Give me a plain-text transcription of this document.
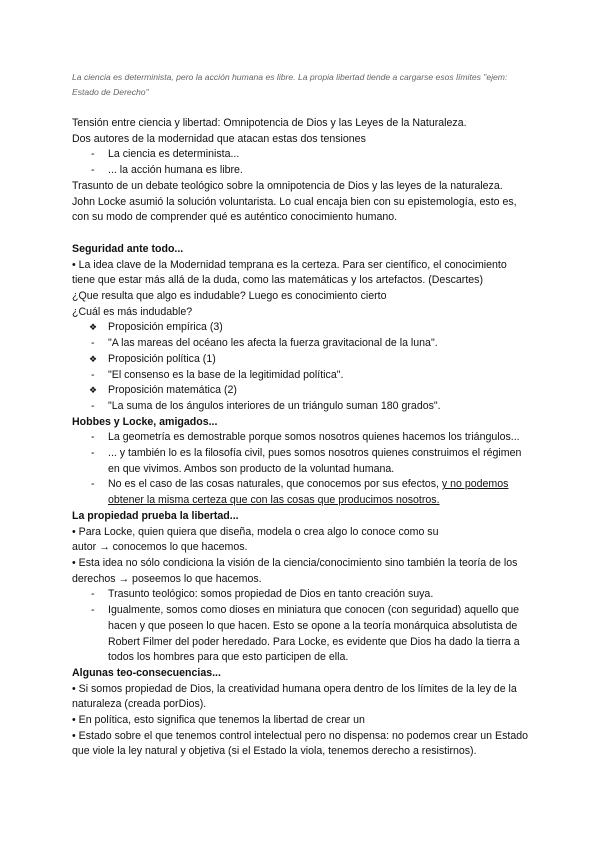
La ciencia es determinista, pero la acción humana es libre. La propia libertad tiende a cargarse esos límites "ejem: Estado de Derecho"

Tensión entre ciencia y libertad: Omnipotencia de Dios y las Leyes de la Naturaleza.

Dos autores de la modernidad que atacan estas dos tensiones

- La ciencia es determinista...
- ... la acción humana es libre.

Trasunto de un debate teológico sobre la omnipotencia de Dios y las leyes de la naturaleza.

John Locke asumió la solución voluntarista. Lo cual encaja bien con su epistemología, esto es, con su modo de comprender qué es auténtico conocimiento humano.

Seguridad ante todo...

• La idea clave de la Modernidad temprana es la certeza. Para ser científico, el conocimiento tiene que estar más allá de la duda, como las matemáticas y los artefactos. (Descartes)

¿Que resulta que algo es indudable? Luego es conocimiento cierto

¿Cuál es más indudable?

❖ Proposición empírica (3)
- "A las mareas del océano les afecta la fuerza gravitacional de la luna".
❖ Proposición política (1)
- "El consenso es la base de la legitimidad política".
❖ Proposición matemática (2)
- "La suma de los ángulos interiores de un triángulo suman 180 grados".

Hobbes y Locke, amigados...

- La geometría es demostrable porque somos nosotros quienes hacemos los triángulos...
- ... y también lo es la filosofía civil, pues somos nosotros quienes construimos el régimen en que vivimos. Ambos son producto de la voluntad humana.
- No es el caso de las cosas naturales, que conocemos por sus efectos, y no podemos obtener la misma certeza que con las cosas que producimos nosotros.

La propiedad prueba la libertad...

• Para Locke, quien quiera que diseña, modela o crea algo lo conoce como su

autor → conocemos lo que hacemos.

• Esta idea no sólo condiciona la visión de la ciencia/conocimiento sino también la teoría de los derechos → poseemos lo que hacemos.

- Trasunto teológico: somos propiedad de Dios en tanto creación suya.
- Igualmente, somos como dioses en miniatura que conocen (con seguridad) aquello que hacen y que poseen lo que hacen. Esto se opone a la teoría monárquica absolutista de Robert Filmer del poder heredado. Para Locke, es evidente que Dios ha dado la tierra a todos los hombres para que esto participen de ella.

Algunas teo-consecuencias...

• Si somos propiedad de Dios, la creatividad humana opera dentro de los límites de la ley de la naturaleza (creada porDios).

• En política, esto significa que tenemos la libertad de crear un

• Estado sobre el que tenemos control intelectual pero no dispensa: no podemos crear un Estado que viole la ley natural y objetiva (si el Estado la viola, tenemos derecho a resistirnos).
